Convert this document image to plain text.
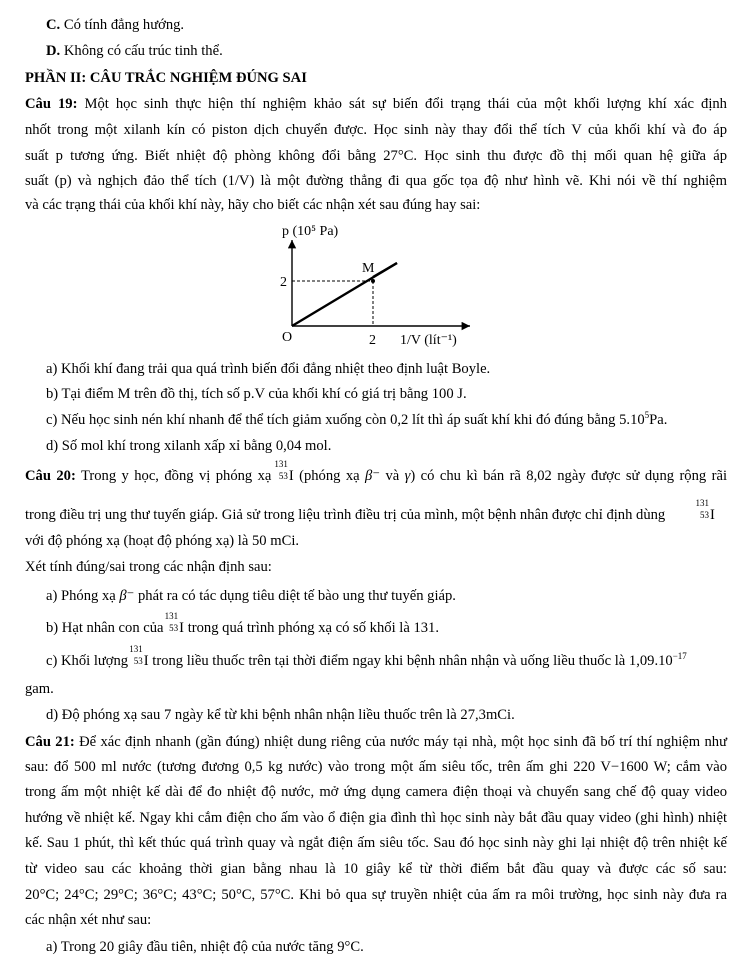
C. Có tính đẳng hướng.
D. Không có cấu trúc tinh thể.
PHẦN II: CÂU TRẮC NGHIỆM ĐÚNG SAI
Câu 19: Một học sinh thực hiện thí nghiệm khảo sát sự biến đổi trạng thái của một khối lượng khí xác định
nhốt trong một xilanh kín có piston dịch chuyển được. Học sinh này thay đổi thể tích V của khối khí và đo áp
suất p tương ứng. Biết nhiệt độ phòng không đổi bằng 27°C. Học sinh thu được đồ thị mối quan hệ giữa áp
suất (p) và nghịch đảo thể tích (1/V) là một đường thẳng đi qua gốc tọa độ như hình vẽ. Khi nói về thí nghiệm
và các trạng thái của khối khí này, hãy cho biết các nhận xét sau đúng hay sai:
p (10⁵ Pa)
2
O	2 1/V (lít⁻¹)
M
a) Khối khí đang trải qua quá trình biến đổi đẳng nhiệt theo định luật Boyle.
b) Tại điểm M trên đồ thị, tích số p.V của khối khí có giá trị bằng 100 J.
c) Nếu học sinh nén khí nhanh để thể tích giảm xuống còn 0,2 lít thì áp suất khí khi đó đúng bằng 5.10$^5$Pa.
d) Số mol khí trong xilanh xấp xỉ bằng 0,04 mol.
Câu 20: Trong y học, đồng vị phóng xạ
131
53 I (phóng xạ β⁻ và γ) có chu kì bán rã 8,02 ngày được sử dụng rộng rãi
trong điều trị ung thư tuyến giáp. Giả sử trong liệu trình điều trị của mình, một bệnh nhân được chỉ định dùng
131
53 I
với độ phóng xạ (hoạt độ phóng xạ) là 50 mCi.
Xét tính đúng/sai trong các nhận định sau:
a) Phóng xạ β⁻ phát ra có tác dụng tiêu diệt tế bào ung thư tuyến giáp.
b) Hạt nhân con của
131
53 I trong quá trình phóng xạ có số khối là 131.
c) Khối lượng
131
53 I trong liều thuốc trên tại thời điểm ngay khi bệnh nhân nhận và uống liều thuốc là $1,09.10^{-17}$
gam.
d) Độ phóng xạ sau 7 ngày kể từ khi bệnh nhân nhận liều thuốc trên là 27,3mCi.
Câu 21: Để xác định nhanh (gần đúng) nhiệt dung riêng của nước máy tại nhà, một học sinh đã bố trí thí nghiệm như
sau: đổ 500 ml nước (tương đương 0,5 kg nước) vào trong một ấm siêu tốc, trên ấm ghi 220 V−1600 W; cắm vào
trong ấm một nhiệt kế dài để đo nhiệt độ nước, mở ứng dụng camera điện thoại và chuyển sang chế độ quay video
hướng về nhiệt kế. Ngay khi cắm điện cho ấm vào ổ điện gia đình thì học sinh này bắt đầu quay video (ghi hình) nhiệt
kế. Sau 1 phút, thì kết thúc quá trình quay và ngắt điện ấm siêu tốc. Sau đó học sinh này ghi lại nhiệt độ trên nhiệt kế
từ video sau các khoảng thời gian bằng nhau là 10 giây kể từ thời điểm bắt đầu quay và được các số sau:
20°C; 24°C; 29°C; 36°C; 43°C; 50°C, 57°C. Khi bỏ qua sự truyền nhiệt của ấm ra môi trường, học sinh này đưa ra
các nhận xét như sau:
a) Trong 20 giây đầu tiên, nhiệt độ của nước tăng 9°C.
